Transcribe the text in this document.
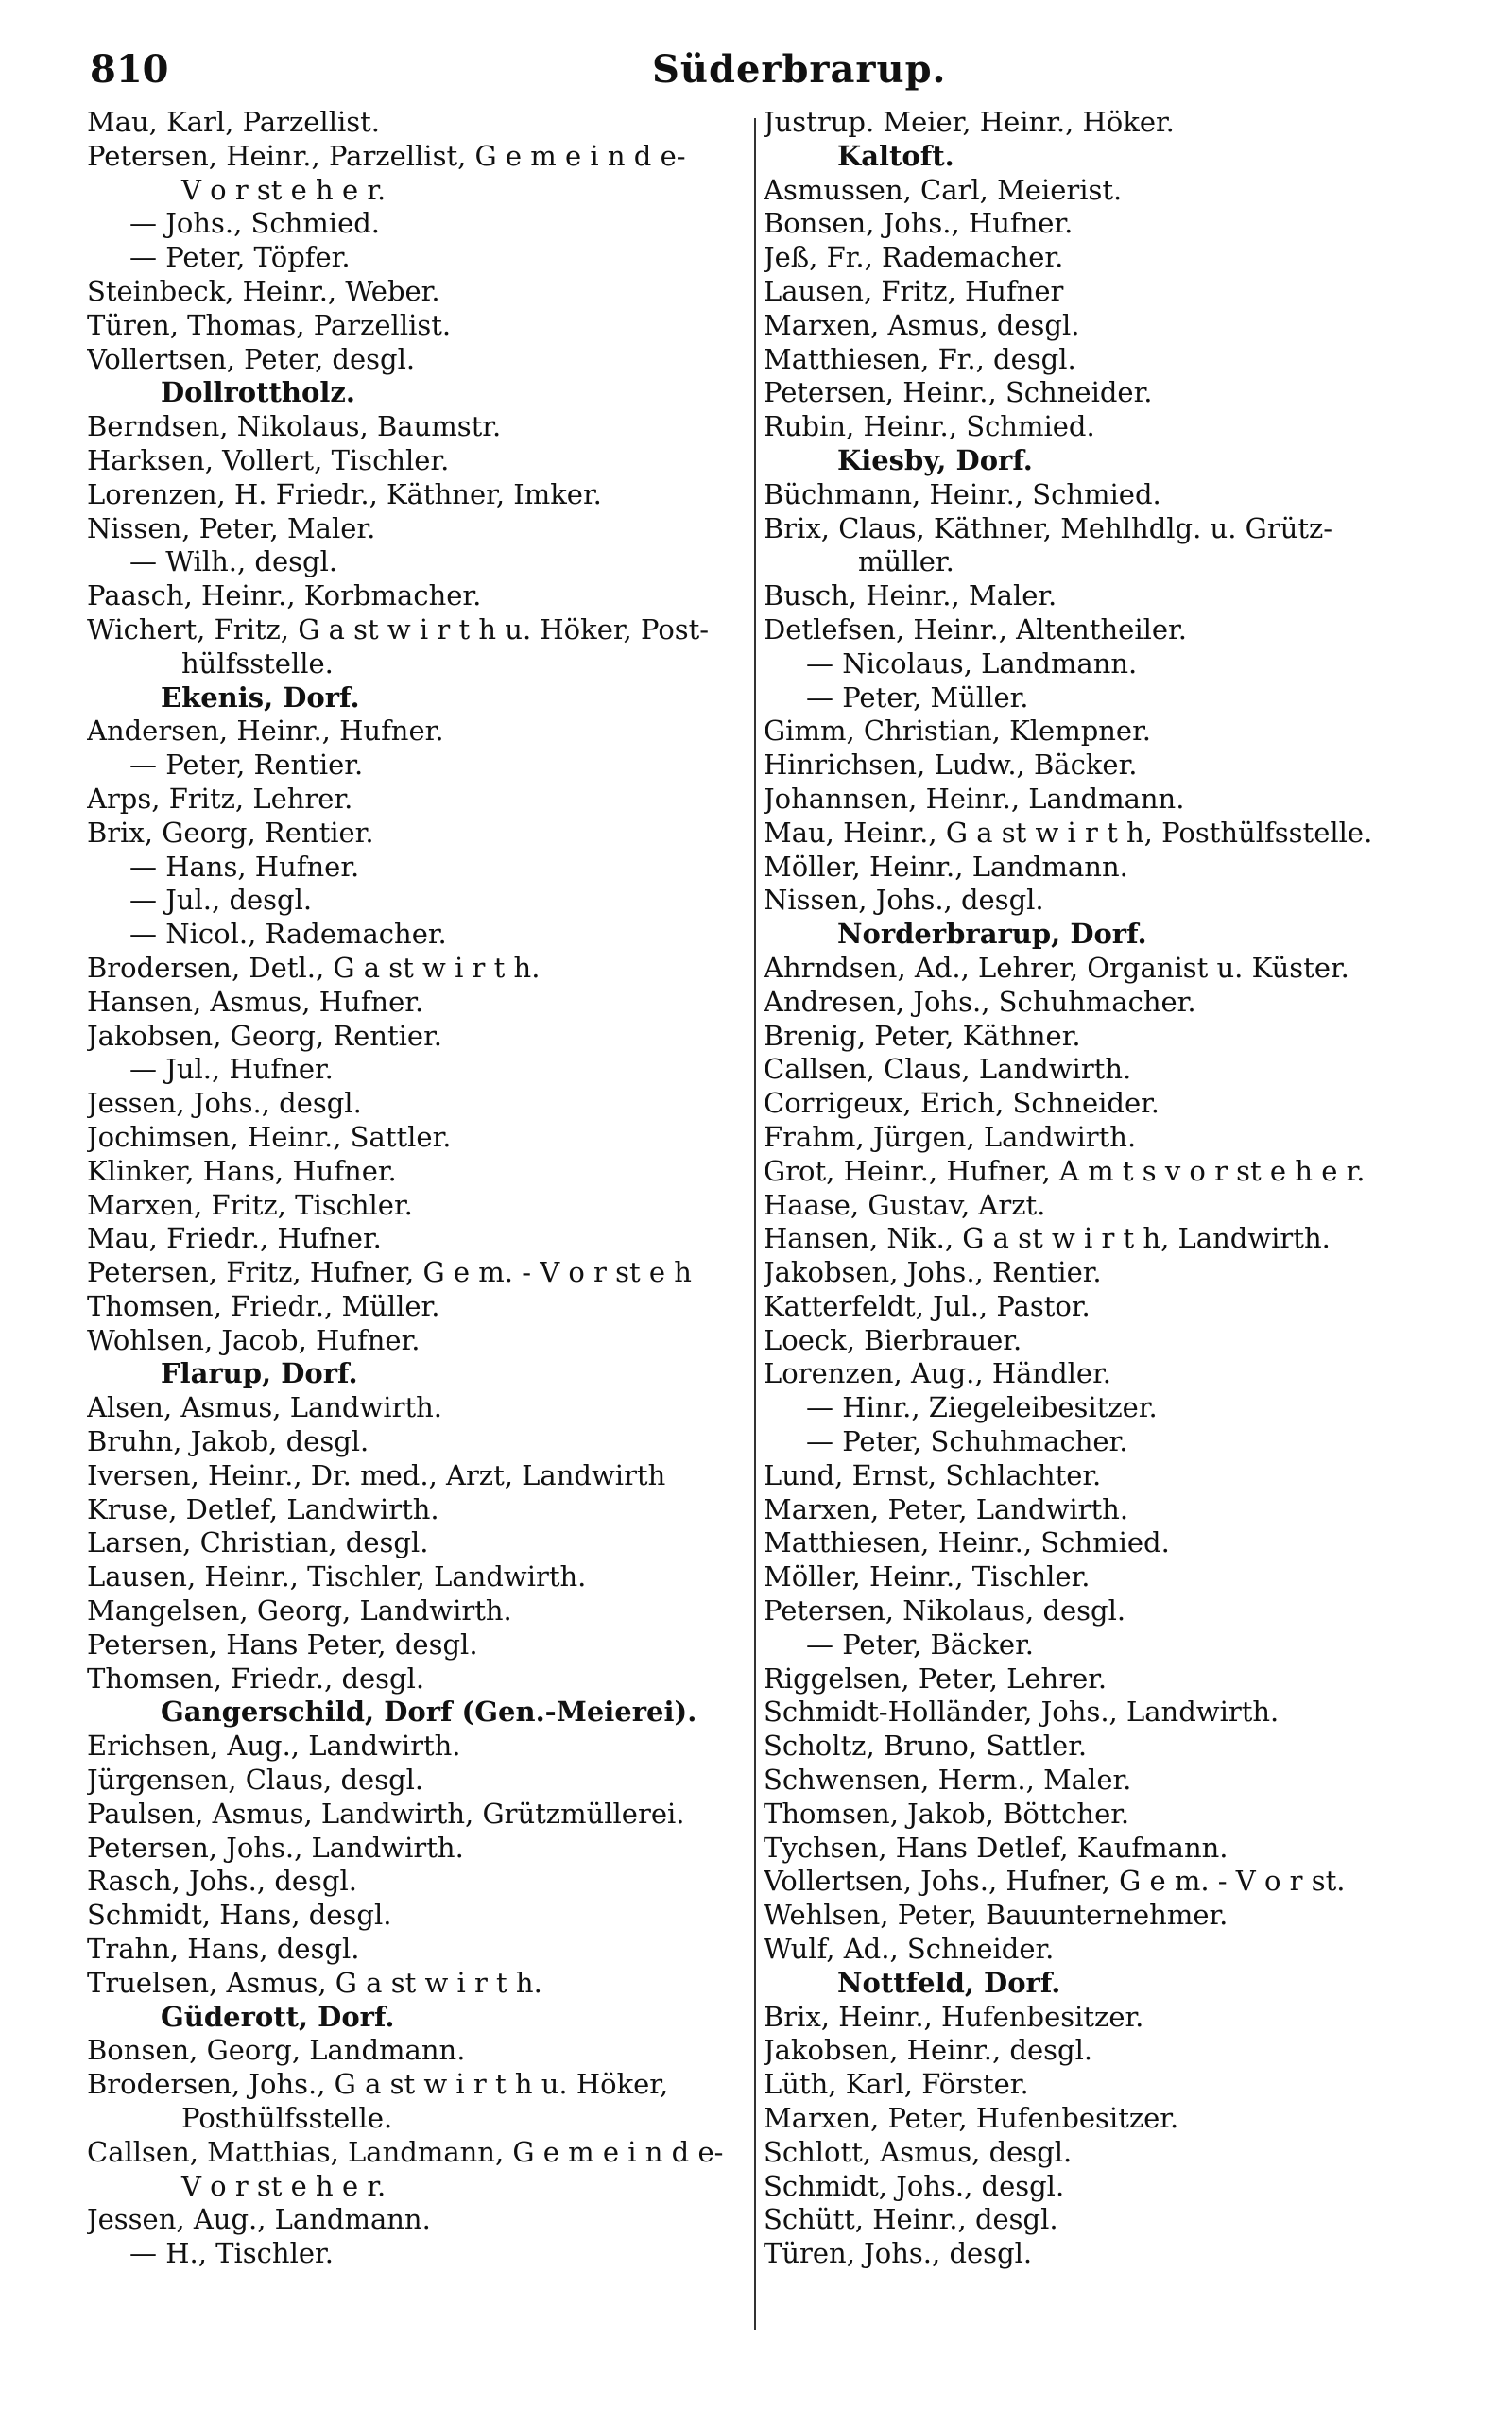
810	Süderbrarup.
Mau, Karl, Parzellist.
Petersen, Heinr., Parzellist, G e m e i n d e-
V o r st e h e r.
— Johs., Schmied.
— Peter, Töpfer.
Steinbeck, Heinr., Weber.
Türen, Thomas, Parzellist.
Vollertsen, Peter, desgl.
Dollrottholz.
Berndsen, Nikolaus, Baumstr.
Harksen, Vollert, Tischler.
Lorenzen, H. Friedr., Käthner, Imker.
Nissen, Peter, Maler.
— Wilh., desgl.
Paasch, Heinr., Korbmacher.
Wichert, Fritz, G a st w i r t h u. Höker, Post-
hülfsstelle.
Ekenis, Dorf.
Andersen, Heinr., Hufner.
— Peter, Rentier.
Arps, Fritz, Lehrer.
Brix, Georg, Rentier.
— Hans, Hufner.
— Jul., desgl.
— Nicol., Rademacher.
Brodersen, Detl., G a st w i r t h.
Hansen, Asmus, Hufner.
Jakobsen, Georg, Rentier.
— Jul., Hufner.
Jessen, Johs., desgl.
Jochimsen, Heinr., Sattler.
Klinker, Hans, Hufner.
Marxen, Fritz, Tischler.
Mau, Friedr., Hufner.
Petersen, Fritz, Hufner, G e m. - V o r st e h
Thomsen, Friedr., Müller.
Wohlsen, Jacob, Hufner.
Flarup, Dorf.
Alsen, Asmus, Landwirth.
Bruhn, Jakob, desgl.
Iversen, Heinr., Dr. med., Arzt, Landwirth
Kruse, Detlef, Landwirth.
Larsen, Christian, desgl.
Lausen, Heinr., Tischler, Landwirth.
Mangelsen, Georg, Landwirth.
Petersen, Hans Peter, desgl.
Thomsen, Friedr., desgl.
Gangerschild, Dorf (Gen.-Meierei).
Erichsen, Aug., Landwirth.
Jürgensen, Claus, desgl.
Paulsen, Asmus, Landwirth, Grützmüllerei.
Petersen, Johs., Landwirth.
Rasch, Johs., desgl.
Schmidt, Hans, desgl.
Trahn, Hans, desgl.
Truelsen, Asmus, G a st w i r t h.
Güderott, Dorf.
Bonsen, Georg, Landmann.
Brodersen, Johs., G a st w i r t h u. Höker,
Posthülfsstelle.
Callsen, Matthias, Landmann, G e m e i n d e-
V o r st e h e r.
Jessen, Aug., Landmann.
— H., Tischler.
Justrup. Meier, Heinr., Höker.
Kaltoft.
Asmussen, Carl, Meierist.
Bonsen, Johs., Hufner.
Jeß, Fr., Rademacher.
Lausen, Fritz, Hufner
Marxen, Asmus, desgl.
Matthiesen, Fr., desgl.
Petersen, Heinr., Schneider.
Rubin, Heinr., Schmied.
Kiesby, Dorf.
Büchmann, Heinr., Schmied.
Brix, Claus, Käthner, Mehlhdlg. u. Grütz-
müller.
Busch, Heinr., Maler.
Detlefsen, Heinr., Altentheiler.
— Nicolaus, Landmann.
— Peter, Müller.
Gimm, Christian, Klempner.
Hinrichsen, Ludw., Bäcker.
Johannsen, Heinr., Landmann.
Mau, Heinr., G a st w i r t h, Posthülfsstelle.
Möller, Heinr., Landmann.
Nissen, Johs., desgl.
Norderbrarup, Dorf.
Ahrndsen, Ad., Lehrer, Organist u. Küster.
Andresen, Johs., Schuhmacher.
Brenig, Peter, Käthner.
Callsen, Claus, Landwirth.
Corrigeux, Erich, Schneider.
Frahm, Jürgen, Landwirth.
Grot, Heinr., Hufner, A m t s v o r st e h e r.
Haase, Gustav, Arzt.
Hansen, Nik., G a st w i r t h, Landwirth.
Jakobsen, Johs., Rentier.
Katterfeldt, Jul., Pastor.
Loeck, Bierbrauer.
Lorenzen, Aug., Händler.
— Hinr., Ziegeleibesitzer.
— Peter, Schuhmacher.
Lund, Ernst, Schlachter.
Marxen, Peter, Landwirth.
Matthiesen, Heinr., Schmied.
Möller, Heinr., Tischler.
Petersen, Nikolaus, desgl.
— Peter, Bäcker.
Riggelsen, Peter, Lehrer.
Schmidt-Holländer, Johs., Landwirth.
Scholtz, Bruno, Sattler.
Schwensen, Herm., Maler.
Thomsen, Jakob, Böttcher.
Tychsen, Hans Detlef, Kaufmann.
Vollertsen, Johs., Hufner, G e m. - V o r st.
Wehlsen, Peter, Bauunternehmer.
Wulf, Ad., Schneider.
Nottfeld, Dorf.
Brix, Heinr., Hufenbesitzer.
Jakobsen, Heinr., desgl.
Lüth, Karl, Förster.
Marxen, Peter, Hufenbesitzer.
Schlott, Asmus, desgl.
Schmidt, Johs., desgl.
Schütt, Heinr., desgl.
Türen, Johs., desgl.
